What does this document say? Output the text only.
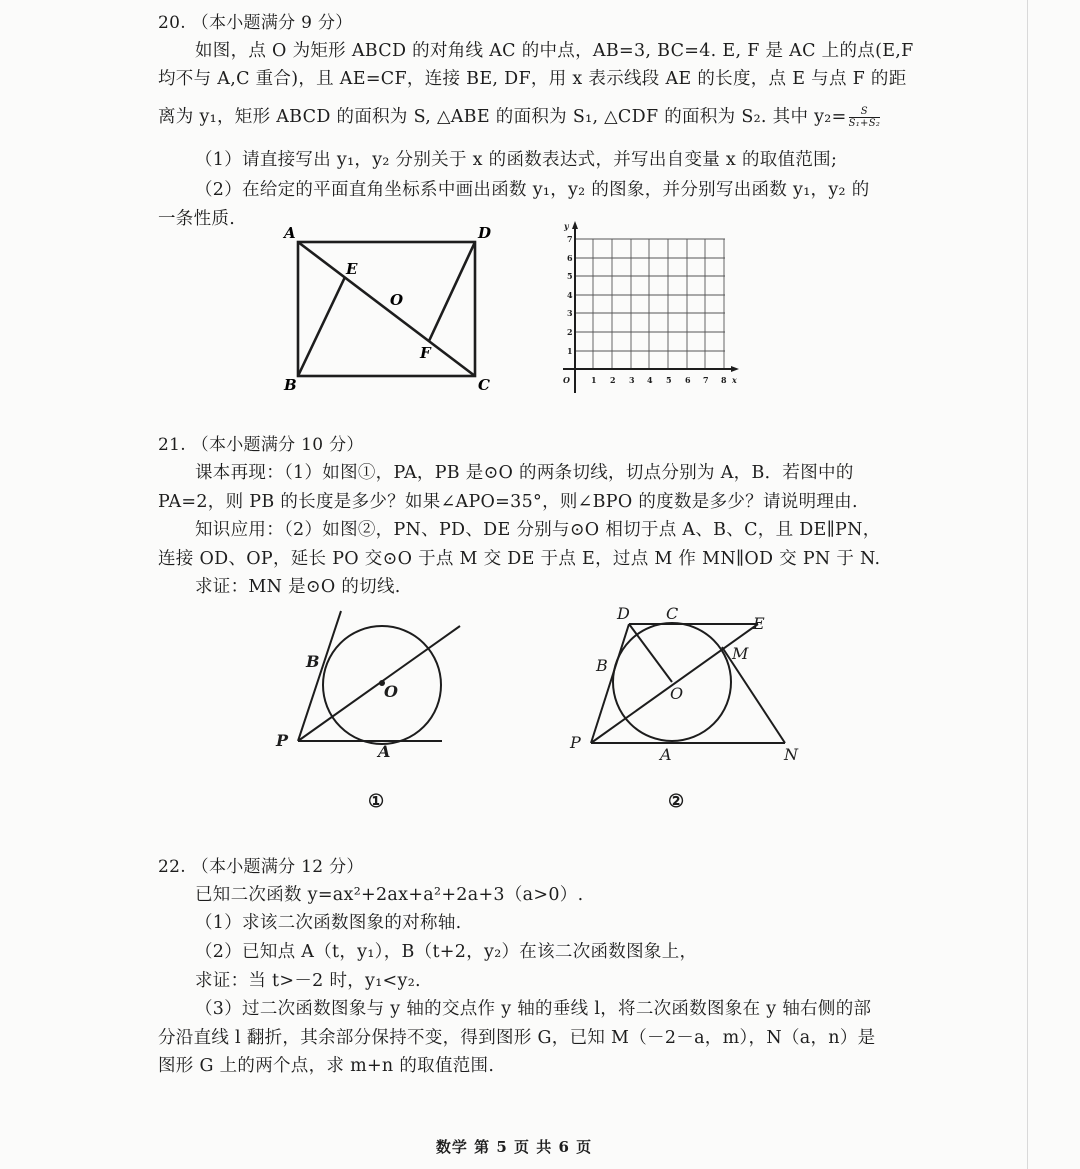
20. （本小题满分 9 分）
如图，点 O 为矩形 ABCD 的对角线 AC 的中点，AB=3, BC=4. E, F 是 AC 上的点(E,F
均不与 A,C 重合)，且 AE=CF，连接 BE, DF，用 x 表示线段 AE 的长度，点 E 与点 F 的距
离为 y₁，矩形 ABCD 的面积为 S, △ABE 的面积为 S₁, △CDF 的面积为 S₂. 其中 $y_2= \frac{S}{\text{S₁+S₂}}$
（1）请直接写出 y₁，y₂ 分别关于 x 的函数表达式，并写出自变量 x 的取值范围;
（2）在给定的平面直角坐标系中画出函数 y₁，y₂ 的图象，并分别写出函数 y₁，y₂ 的
一条性质.
A	D
B	C
E
O
F
y
x
O
1
2
3
4
5
6
7
1 2 3 4 5 6 7 8
21. （本小题满分 10 分）
课本再现：（1）如图①，PA，PB 是⊙O 的两条切线，切点分别为 A，B．若图中的
PA=2，则 PB 的长度是多少？如果∠APO=35°，则∠BPO 的度数是多少？请说明理由.
知识应用：（2）如图②，PN、PD、DE 分别与⊙O 相切于点 A、B、C，且 DE∥PN，
连接 OD、OP，延长 PO 交⊙O 于点 M 交 DE 于点 E，过点 M 作 MN∥OD 交 PN 于 N.
求证：MN 是⊙O 的切线.
B
O
P
A
①
D C
E
B
M
O
P
A	N
②
22. （本小题满分 12 分）
已知二次函数 y=ax²+2ax+a²+2a+3（a>0）.
（1）求该二次函数图象的对称轴.
（2）已知点 A（t，y₁），B（t+2，y₂）在该二次函数图象上，
求证：当 t>－2 时，y₁<y₂.
（3）过二次函数图象与 y 轴的交点作 y 轴的垂线 l，将二次函数图象在 y 轴右侧的部
分沿直线 l 翻折，其余部分保持不变，得到图形 G，已知 M（－2－a，m），N（a，n）是
图形 G 上的两个点，求 m+n 的取值范围.
数学 第 5 页 共 6 页
